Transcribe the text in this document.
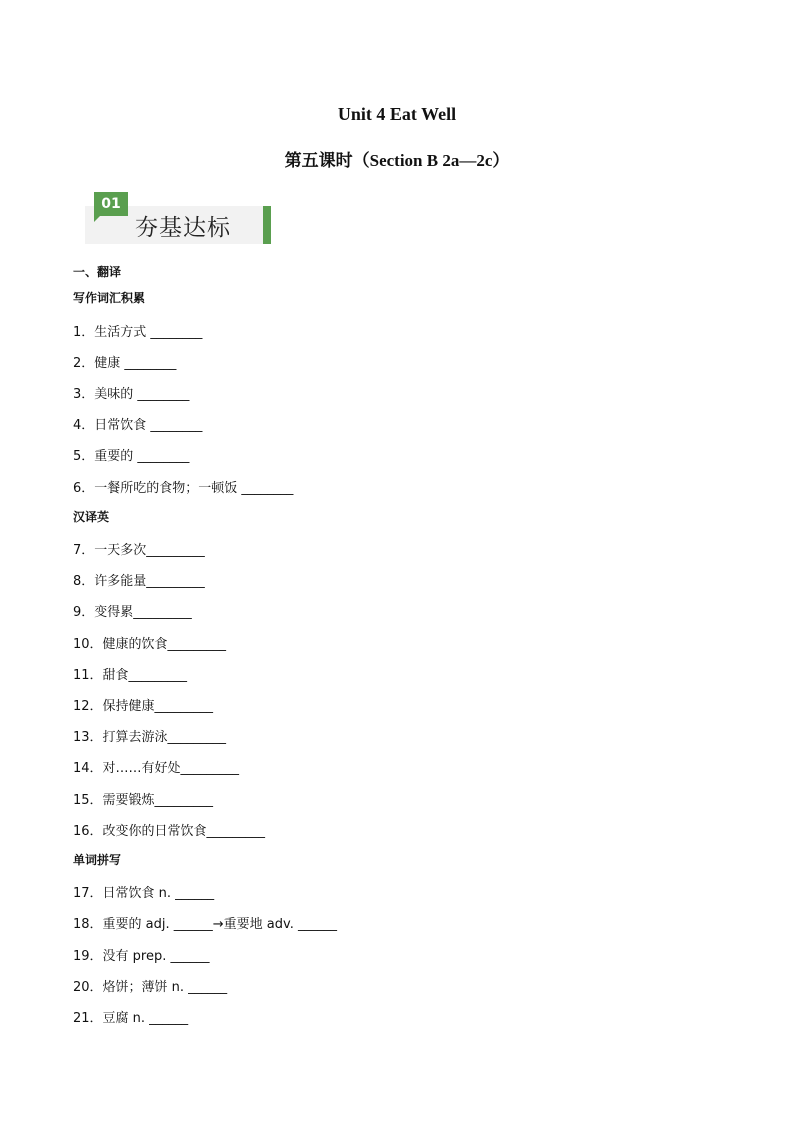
Unit 4 Eat Well
第五课时（Section B 2a—2c）
01
夯基达标
一、翻译
写作词汇积累
1．生活方式 ________
2．健康 ________
3．美味的 ________
4．日常饮食 ________
5．重要的 ________
6．一餐所吃的食物；一顿饭 ________
汉译英
7．一天多次_________
8．许多能量_________
9．变得累_________
10．健康的饮食_________
11．甜食_________
12．保持健康_________
13．打算去游泳_________
14．对……有好处_________
15．需要锻炼_________
16．改变你的日常饮食_________
单词拼写
17．日常饮食 n. ______
18．重要的 adj. ______→重要地 adv. ______
19．没有 prep. ______
20．烙饼；薄饼 n. ______
21．豆腐 n. ______
